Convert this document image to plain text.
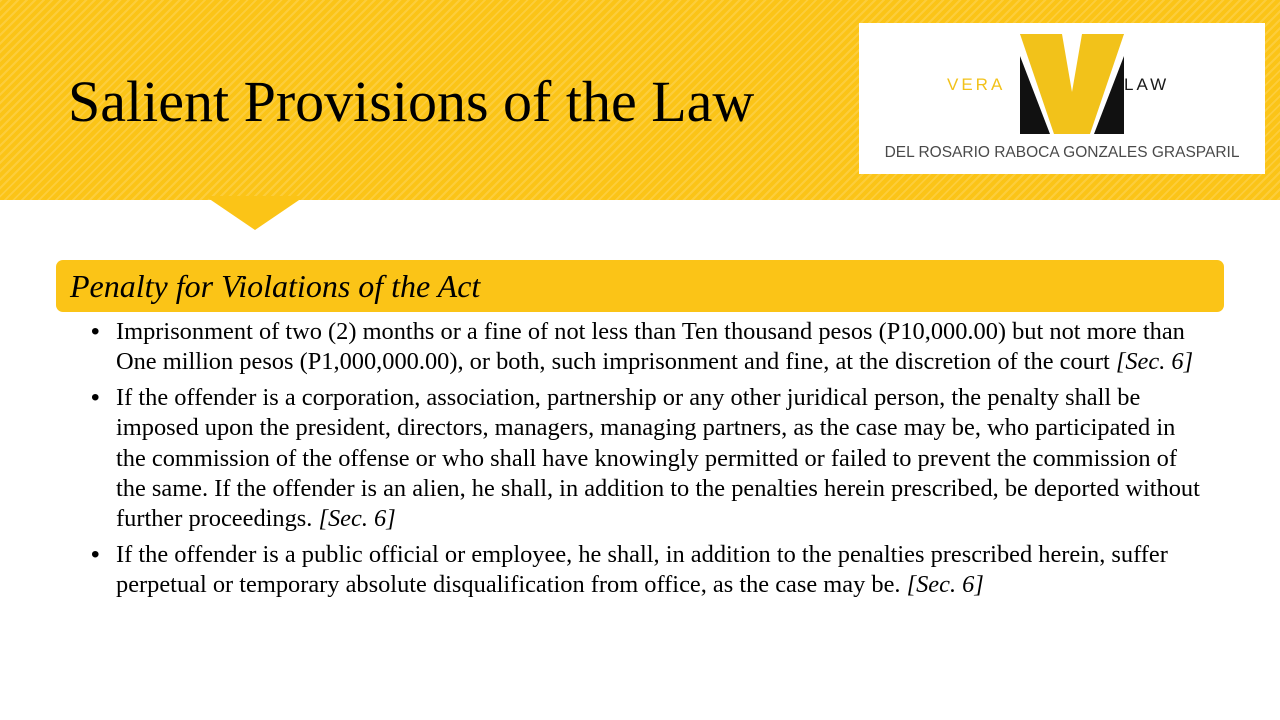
Salient Provisions of the Law	VERA	LAW
DEL ROSARIO RABOCA GONZALES GRASPARIL
Penalty for Violations of the Act
• Imprisonment of two (2) months or a fine of not less than Ten thousand pesos (P10,000.00) but not more than One million pesos (P1,000,000.00), or both, such imprisonment and fine, at the discretion of the court [Sec. 6]
• If the offender is a corporation, association, partnership or any other juridical person, the penalty shall be imposed upon the president, directors, managers, managing partners, as the case may be, who participated in the commission of the offense or who shall have knowingly permitted or failed to prevent the commission of the same. If the offender is an alien, he shall, in addition to the penalties herein prescribed, be deported without further proceedings. [Sec. 6]
• If the offender is a public official or employee, he shall, in addition to the penalties prescribed herein, suffer perpetual or temporary absolute disqualification from office, as the case may be. [Sec. 6]
